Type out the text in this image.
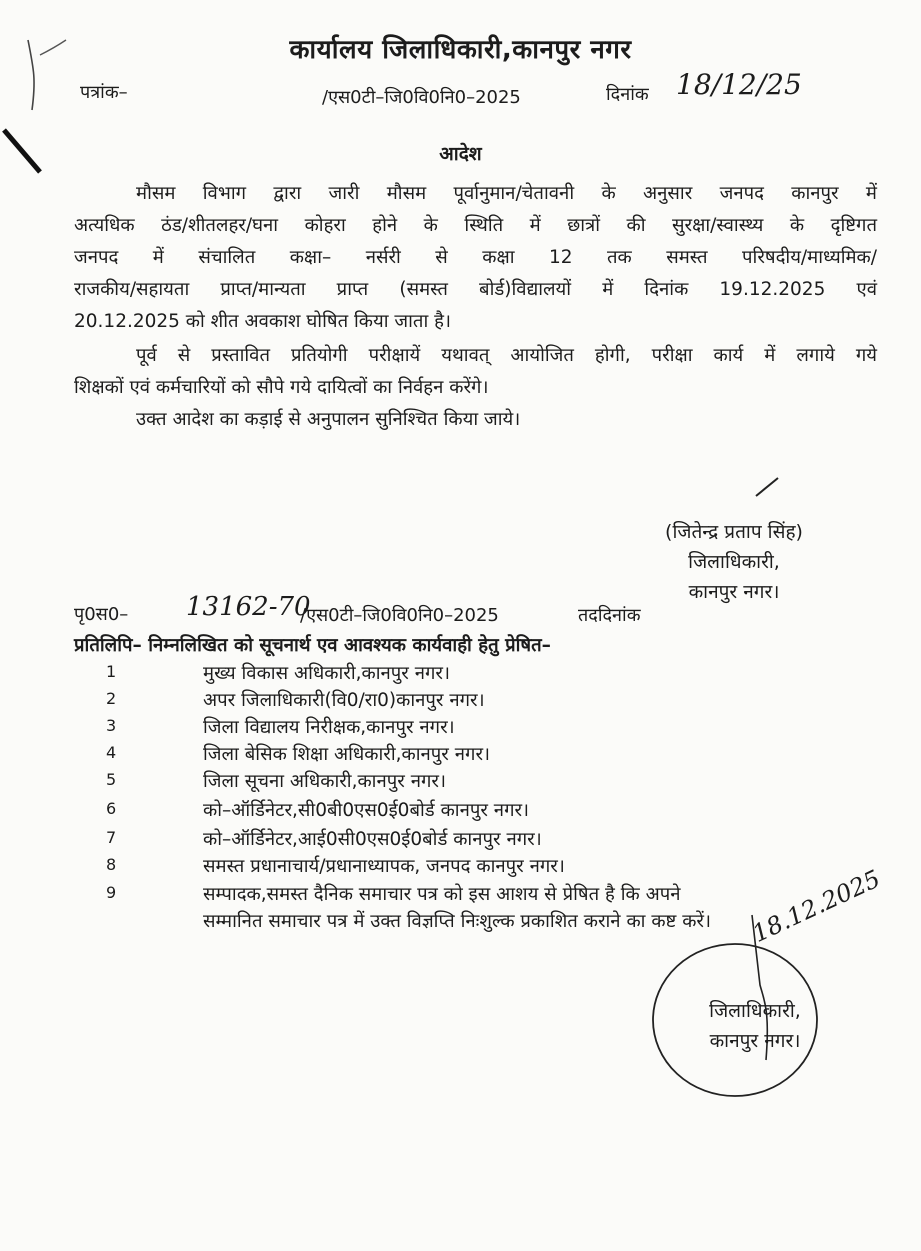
कार्यालय जिलाधिकारी,कानपुर नगर
पत्रांक–	/एस0टी–जि0वि0नि0–2025	दिनांक 18/12/25
आदेश
मौसम विभाग द्वारा जारी मौसम पूर्वानुमान/चेतावनी के अनुसार जनपद कानपुर में
अत्यधिक ठंड/शीतलहर/घना कोहरा होने के स्थिति में छात्रों की सुरक्षा/स्वास्थ्य के दृष्टिगत
जनपद में संचालित कक्षा– नर्सरी से कक्षा 12 तक समस्त परिषदीय/माध्यमिक/
राजकीय/सहायता प्राप्त/मान्यता प्राप्त (समस्त बोर्ड)विद्यालयों में दिनांक 19.12.2025 एवं
20.12.2025 को शीत अवकाश घोषित किया जाता है।
पूर्व से प्रस्तावित प्रतियोगी परीक्षायें यथावत् आयोजित होगी, परीक्षा कार्य में लगाये गये
शिक्षकों एवं कर्मचारियों को सौपे गये दायित्वों का निर्वहन करेंगे।
उक्त आदेश का कड़ाई से अनुपालन सुनिश्चित किया जाये।
(जितेन्द्र प्रताप सिंह)
जिलाधिकारी,
कानपुर नगर।
पृ0स0– 13162-70
/एस0टी–जि0वि0नि0–2025	तददिनांक
प्रतिलिपि– निम्नलिखित को सूचनार्थ एव आवश्यक कार्यवाही हेतु प्रेषित–
1	मुख्य विकास अधिकारी,कानपुर नगर।
2	अपर जिलाधिकारी(वि0/रा0)कानपुर नगर।
3	जिला विद्यालय निरीक्षक,कानपुर नगर।
4	जिला बेसिक शिक्षा अधिकारी,कानपुर नगर।
5	जिला सूचना अधिकारी,कानपुर नगर।
6	को–ऑर्डिनेटर,सी0बी0एस0ई0बोर्ड कानपुर नगर।
7	को–ऑर्डिनेटर,आई0सी0एस0ई0बोर्ड कानपुर नगर।
8	समस्त प्रधानाचार्य/प्रधानाध्यापक, जनपद कानपुर नगर।
9	सम्पादक,समस्त दैनिक समाचार पत्र को इस आशय से प्रेषित है कि अपने
सम्मानित समाचार पत्र में उक्त विज्ञप्ति निःशुल्क प्रकाशित कराने का कष्ट करें। 18.12.2025
जिलाधिकारी,
कानपुर नगर।
